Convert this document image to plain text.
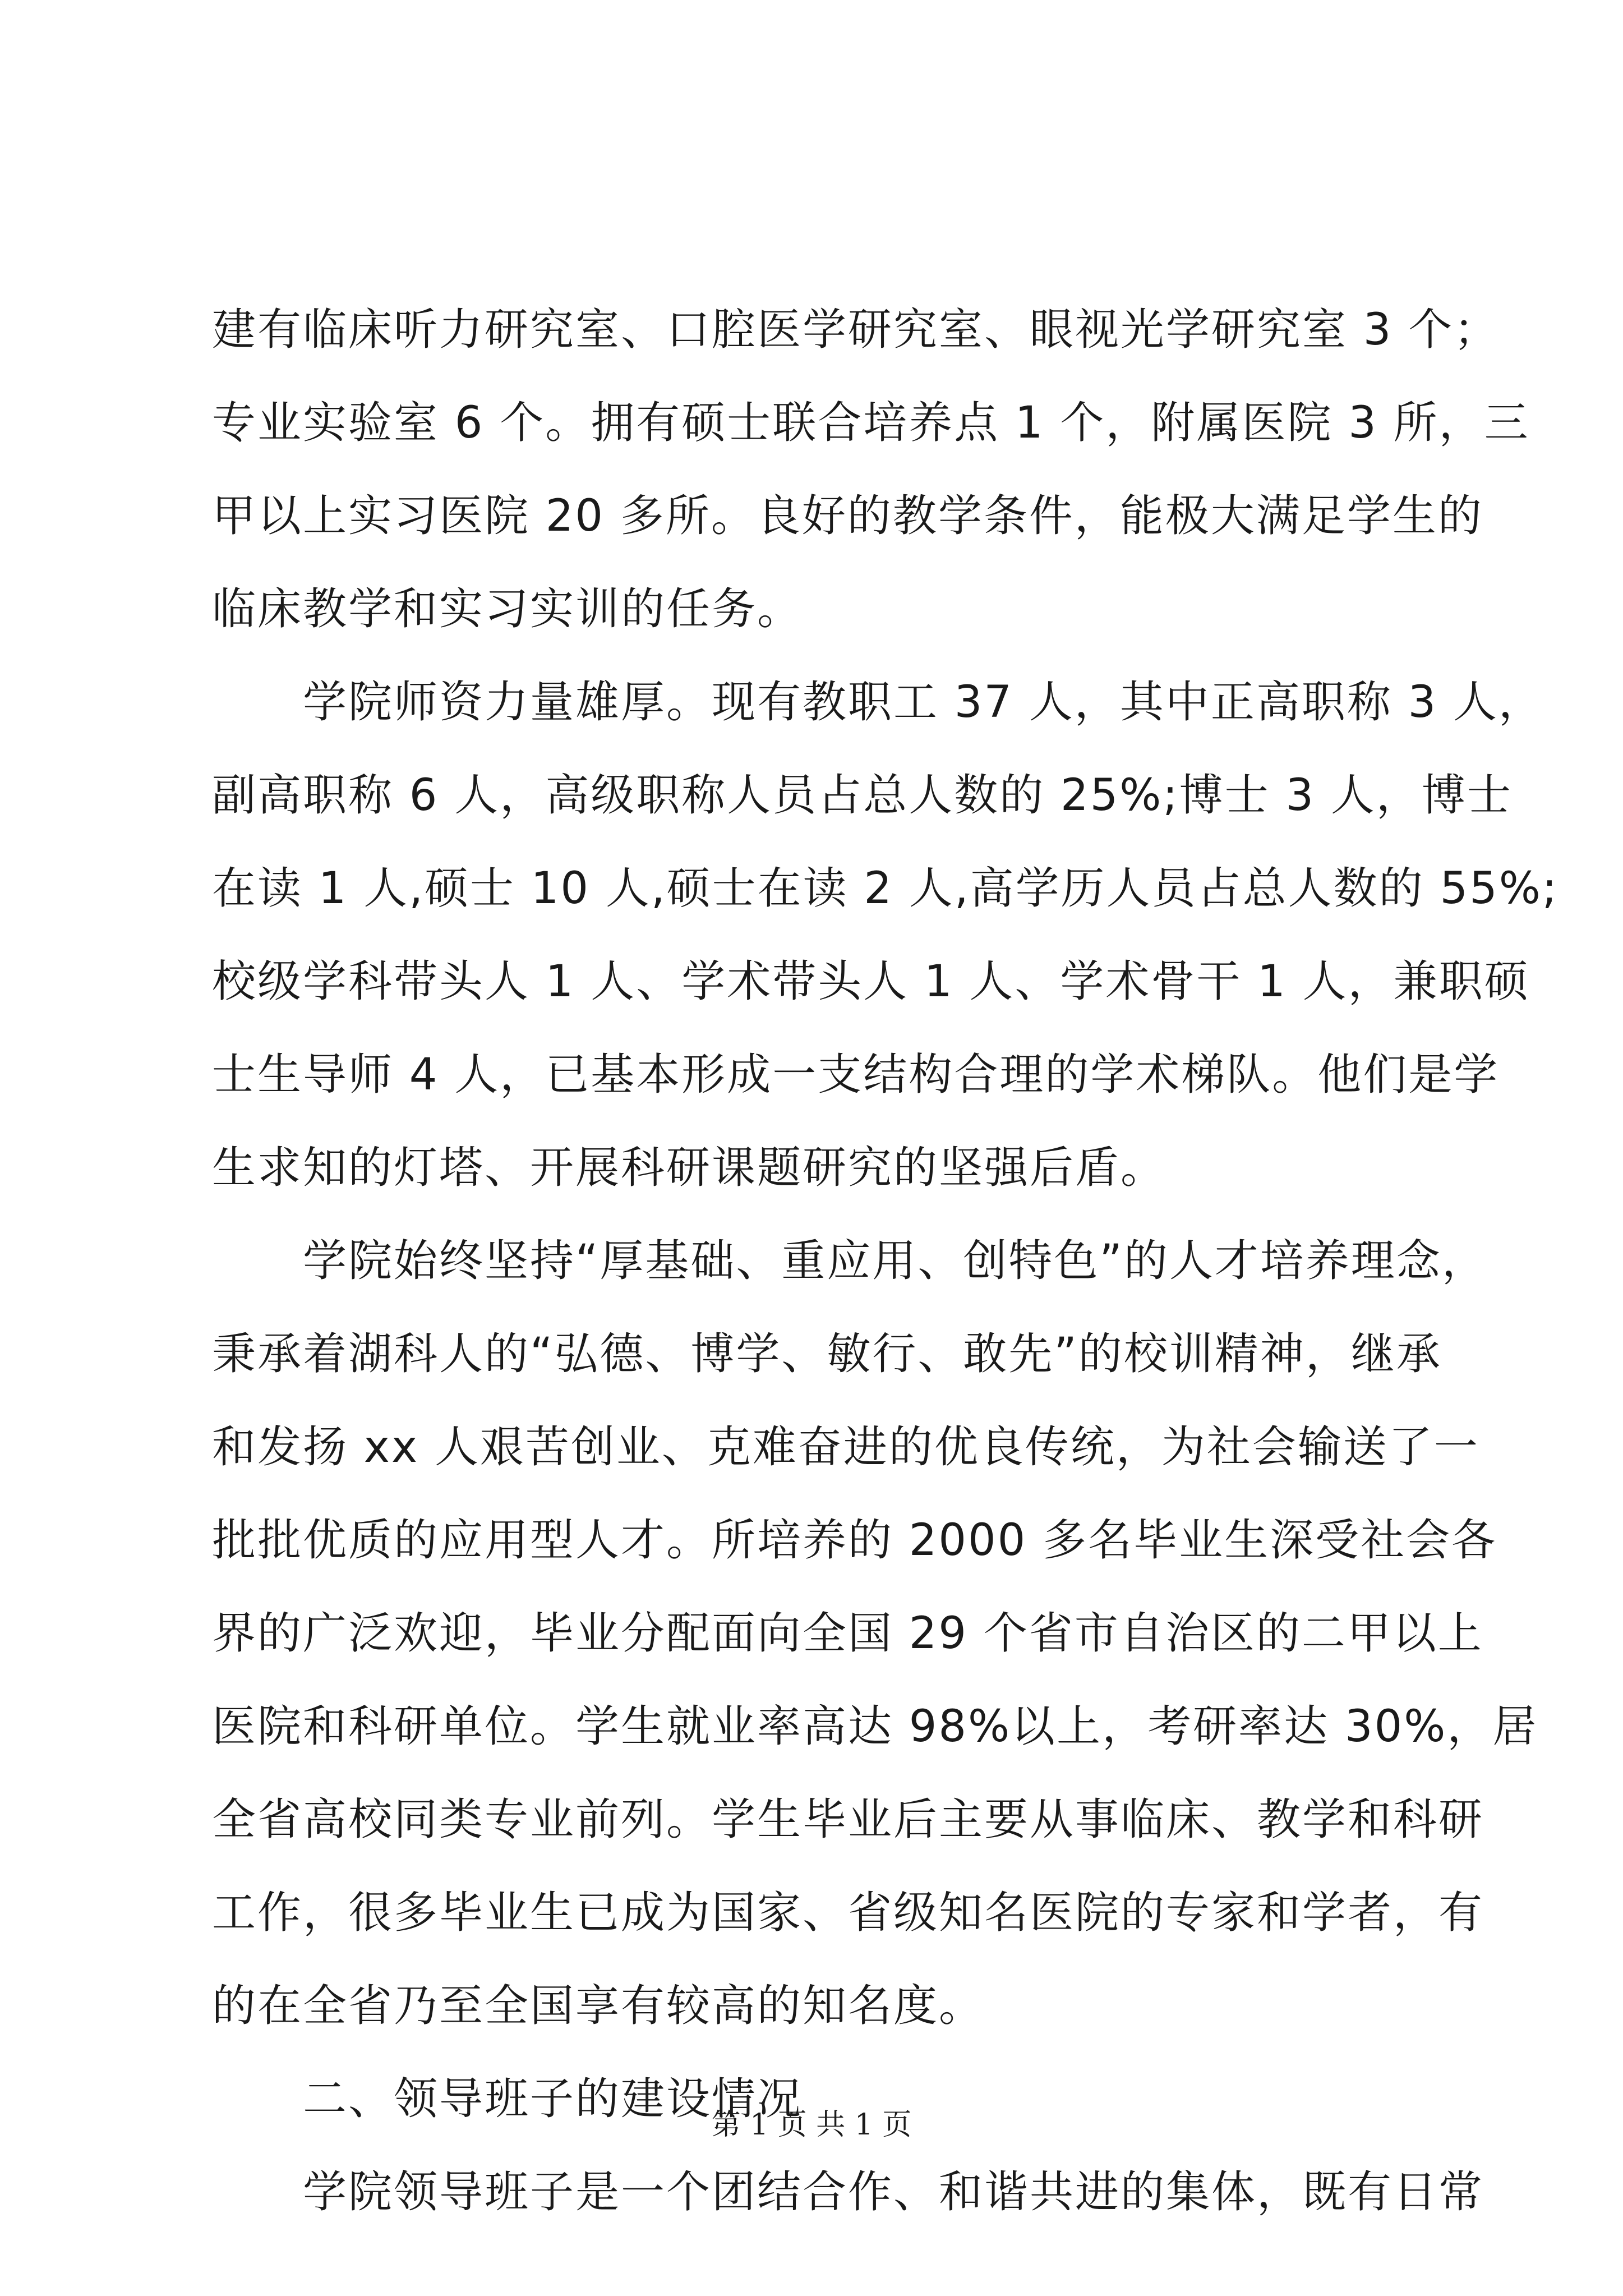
建有临床听力研究室、口腔医学研究室、眼视光学研究室 3 个；
专业实验室 6 个。拥有硕士联合培养点 1 个，附属医院 3 所，三
甲以上实习医院 20 多所。良好的教学条件，能极大满足学生的
临床教学和实习实训的任务。
　　学院师资力量雄厚。现有教职工 37 人，其中正高职称 3 人，
副高职称 6 人，高级职称人员占总人数的 25%;博士 3 人，博士
在读 1 人,硕士 10 人,硕士在读 2 人,高学历人员占总人数的 55%;
校级学科带头人 1 人、学术带头人 1 人、学术骨干 1 人，兼职硕
士生导师 4 人，已基本形成一支结构合理的学术梯队。他们是学
生求知的灯塔、开展科研课题研究的坚强后盾。
　　学院始终坚持“厚基础、重应用、创特色”的人才培养理念，
秉承着湖科人的“弘德、博学、敏行、敢先”的校训精神，继承
和发扬 xx 人艰苦创业、克难奋进的优良传统，为社会输送了一
批批优质的应用型人才。所培养的 2000 多名毕业生深受社会各
界的广泛欢迎，毕业分配面向全国 29 个省市自治区的二甲以上
医院和科研单位。学生就业率高达 98%以上，考研率达 30%，居
全省高校同类专业前列。学生毕业后主要从事临床、教学和科研
工作，很多毕业生已成为国家、省级知名医院的专家和学者，有
的在全省乃至全国享有较高的知名度。
　　二、领导班子的建设情况
　　学院领导班子是一个团结合作、和谐共进的集体，既有日常
第 1 页 共 1 页
